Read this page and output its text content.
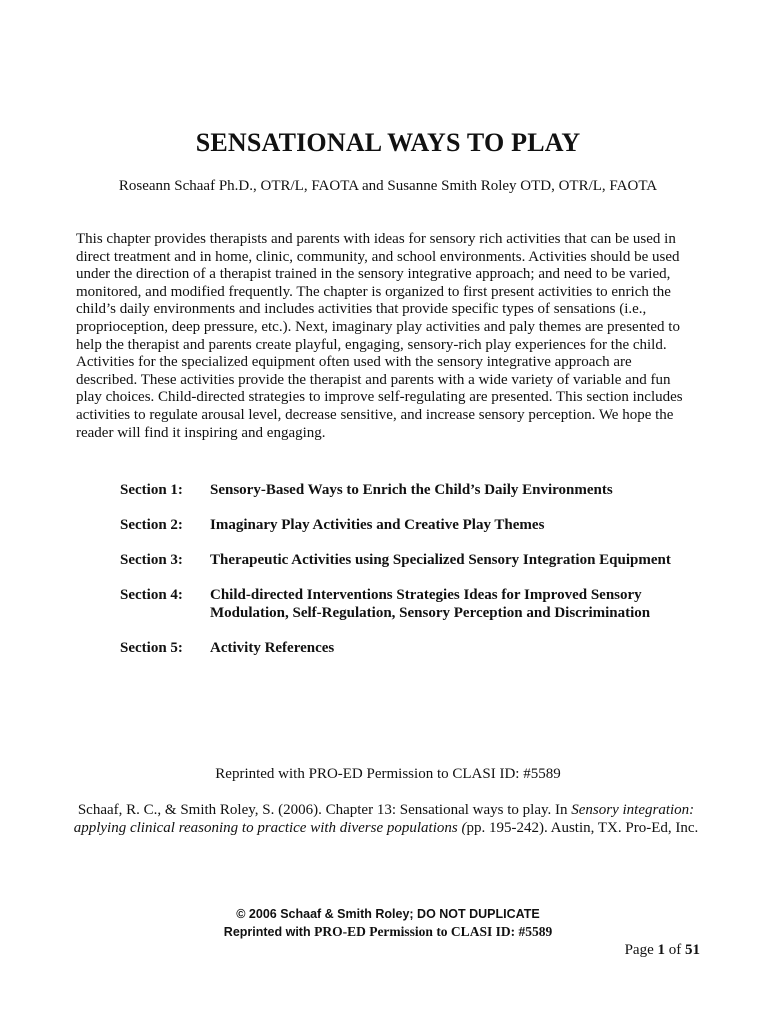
SENSATIONAL WAYS TO PLAY
Roseann Schaaf Ph.D., OTR/L, FAOTA and Susanne Smith Roley OTD, OTR/L, FAOTA

This chapter provides therapists and parents with ideas for sensory rich activities that can be used in direct treatment and in home, clinic, community, and school environments. Activities should be used under the direction of a therapist trained in the sensory integrative approach; and need to be varied, monitored, and modified frequently. The chapter is organized to first present activities to enrich the child’s daily environments and includes activities that provide specific types of sensations (i.e., proprioception, deep pressure, etc.). Next, imaginary play activities and paly themes are presented to help the therapist and parents create playful, engaging, sensory-rich play experiences for the child. Activities for the specialized equipment often used with the sensory integrative approach are described. These activities provide the therapist and parents with a wide variety of variable and fun play choices. Child-directed strategies to improve self-regulating are presented. This section includes activities to regulate arousal level, decrease sensitive, and increase sensory perception. We hope the reader will find it inspiring and engaging.

Section 1:	Sensory-Based Ways to Enrich the Child’s Daily Environments
Section 2:	Imaginary Play Activities and Creative Play Themes
Section 3:	Therapeutic Activities using Specialized Sensory Integration Equipment
Section 4:	Child-directed Interventions Strategies Ideas for Improved Sensory Modulation, Self-Regulation, Sensory Perception and Discrimination
Section 5:	Activity References
Reprinted with PRO-ED Permission to CLASI ID: #5589

Schaaf, R. C., & Smith Roley, S. (2006). Chapter 13: Sensational ways to play. In Sensory integration: applying clinical reasoning to practice with diverse populations (pp. 195-242). Austin, TX. Pro-Ed, Inc.

© 2006 Schaaf & Smith Roley; DO NOT DUPLICATE
Reprinted with PRO-ED Permission to CLASI ID: #5589
Page 1 of 51
